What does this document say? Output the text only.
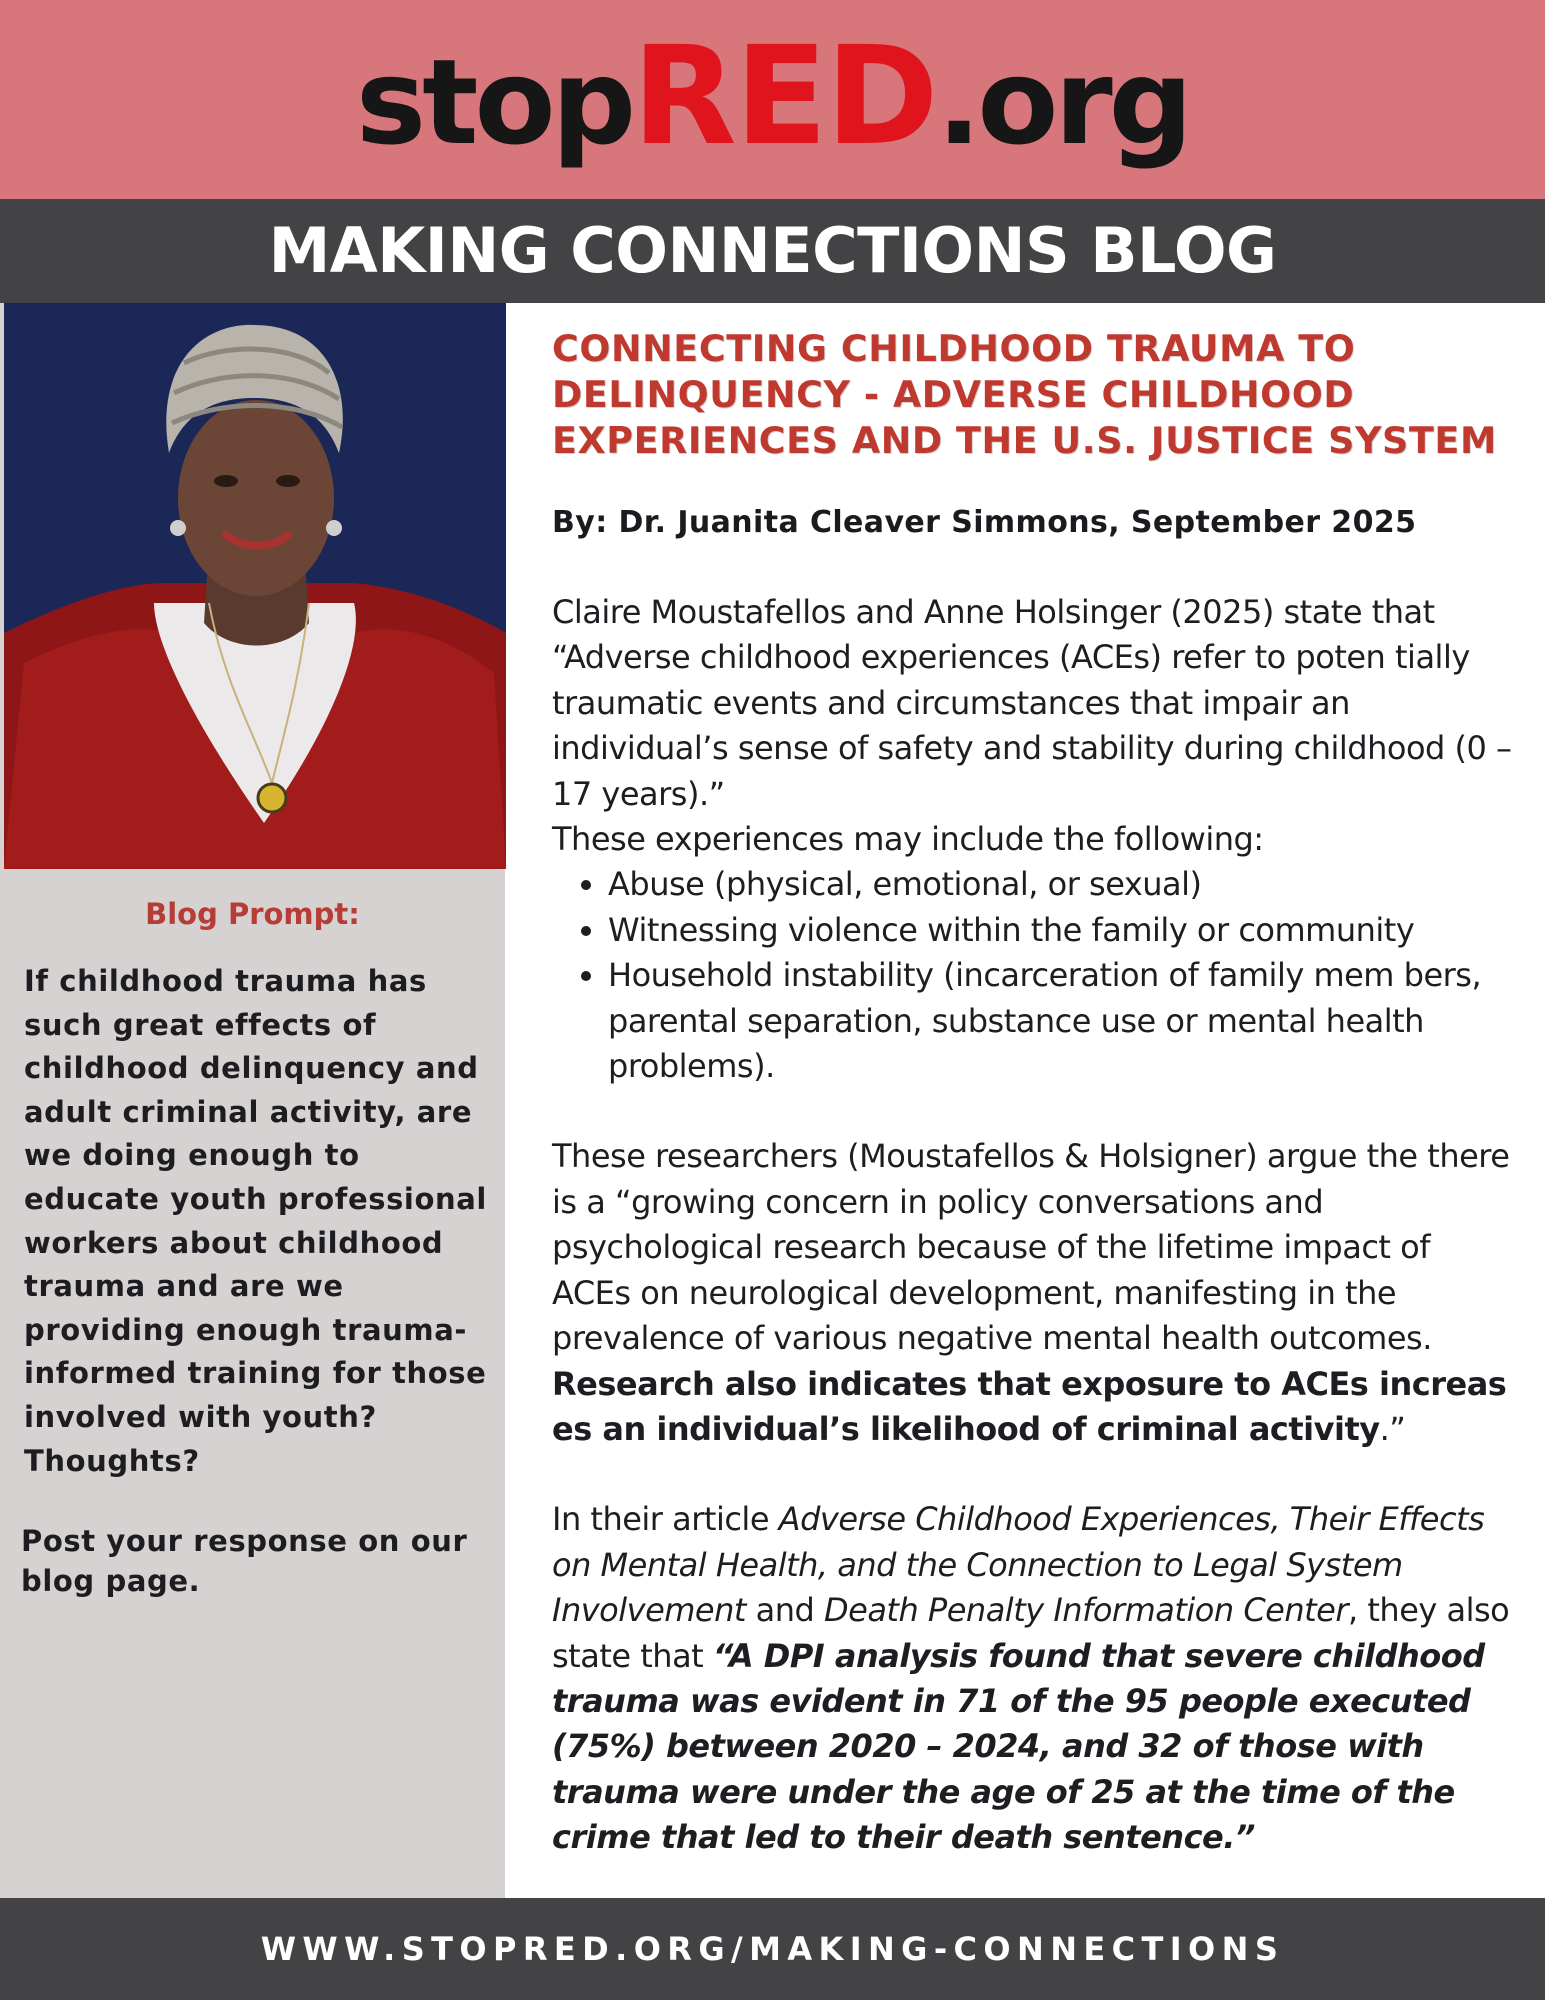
stopRED.org
MAKING CONNECTIONS BLOG
Blog Prompt:
If childhood trauma has such great effects of childhood delinquency and adult criminal activity, are we doing enough to educate youth professional workers about childhood trauma and are we providing enough trauma-informed training for those involved with youth? Thoughts?
Post your response on our blog page.
CONNECTING CHILDHOOD TRAUMA TO DELINQUENCY - ADVERSE CHILDHOOD EXPERIENCES AND THE U.S. JUSTICE SYSTEM
By: Dr. Juanita Cleaver Simmons, September 2025

Claire Moustafellos and Anne Holsinger (2025) state that “Adverse childhood experiences (ACEs) refer to poten tially traumatic events and circumstances that impair an individual’s sense of safety and stability during childhood (0 – 17 years).”

These experiences may include the following:

• Abuse (physical, emotional, or sexual)
• Witnessing violence within the family or community
• Household instability (incarceration of family mem bers, parental separation, substance use or mental health problems).

These researchers (Moustafellos & Holsigner) argue the there is a “growing concern in policy conversations and psychological research because of the lifetime impact of ACEs on neurological development, manifesting in the prevalence of various negative mental health outcomes. Research also indicates that exposure to ACEs increas es an individual’s likelihood of criminal activity.”

In their article Adverse Childhood Experiences, Their Effects on Mental Health, and the Connection to Legal System Involvement and Death Penalty Information Center, they also state that “A DPI analysis found that severe childhood trauma was evident in 71 of the 95 people executed (75%) between 2020 – 2024, and 32 of those with trauma were under the age of 25 at the time of the crime that led to their death sentence.”

WWW.STOPRED.ORG/MAKING-CONNECTIONS
